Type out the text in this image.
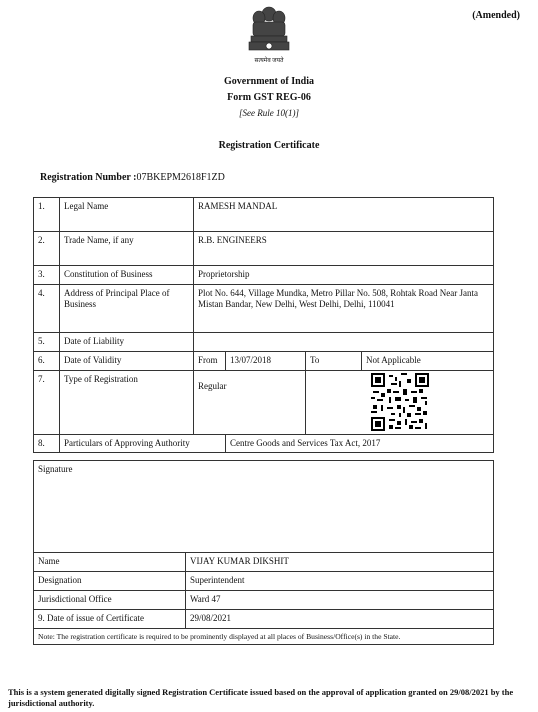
(Amended)
सत्यमेव जयते
Government of India
Form GST REG-06
[See Rule 10(1)]
Registration Certificate
Registration Number :07BKEPM2618F1ZD
1.	Legal Name	RAMESH MANDAL			
2.	Trade Name, if any	R.B. ENGINEERS			
3.	Constitution of Business	Proprietorship			
4.	Address of Principal Place of Business	Plot No. 644, Village Mundka, Metro Pillar No. 508, Rohtak Road Near Janta Mistan Bandar, New Delhi, West Delhi, Delhi, 110041			
5.	Date of Liability				
6.	Date of Validity	From	13/07/2018	To	Not Applicable
7.	Type of Registration	Regular	

8.	Particulars of Approving Authority		Centre Goods and Services Tax Act, 2017		
Signature	
Name	VIJAY KUMAR DIKSHIT
Designation	Superintendent
Jurisdictional Office	Ward 47
9. Date of issue of Certificate	29/08/2021
Note: The registration certificate is required to be prominently displayed at all places of Business/Office(s) in the State.	
This is a system generated digitally signed Registration Certificate issued based on the approval of application granted on 29/08/2021 by the jurisdictional authority.
